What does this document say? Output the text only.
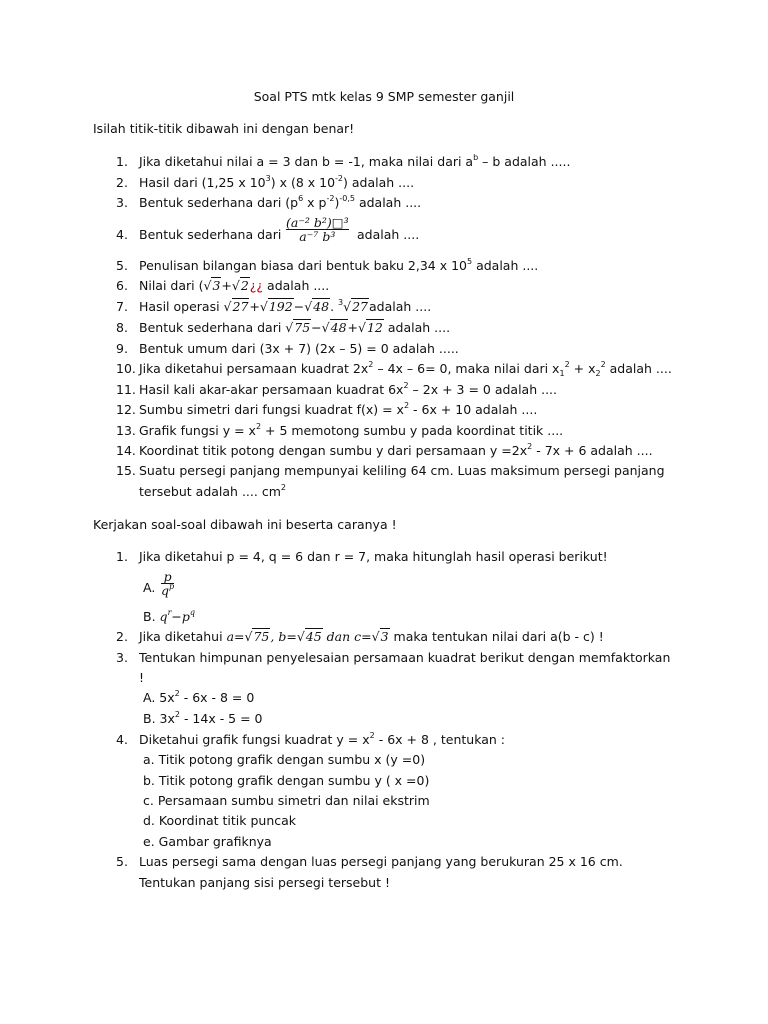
Soal PTS mtk kelas 9 SMP semester ganjil
Isilah titik-titik dibawah ini dengan benar!
1. Jika diketahui nilai a = 3 dan b = -1, maka nilai dari $a^b$ – b adalah .....
2. Hasil dari (1,25 x $10^3$) x (8 x $10^{-2}$) adalah ....
3. Bentuk sederhana dari ($p^6$ x $p^{-2})^{-0,5}$ adalah ....
4. Bentuk sederhana dari $\frac{\text{(a⁻² b²)□³}}{\text{a⁻⁷ b³}}$ adalah ....
5. Penulisan bilangan biasa dari bentuk baku 2,34 x $10^5$ adalah ....
6. Nilai dari (√3+√2¿¿ adalah ....
7. Hasil operasi √27+√192−√48. $^3$√27adalah ....
8. Bentuk sederhana dari √75−√48+√12 adalah ....
9. Bentuk umum dari (3x + 7) (2x – 5) = 0 adalah .....
10. Jika diketahui persamaan kuadrat $2x^2 - 4x - 6= 0$, maka nilai dari $x_1^2 + x_2^2$ adalah ....
11. Hasil kali akar-akar persamaan kuadrat $6x^2 - 2x + 3 = 0$ adalah ....
12. Sumbu simetri dari fungsi kuadrat $f(x) = x^2 - 6x + 10$ adalah ....
13. Grafik fungsi $y = x^2 + 5$ memotong sumbu y pada koordinat titik ....
14. Koordinat titik potong dengan sumbu y dari persamaan $y =2x^2 - 7x + 6$ adalah ....
15. Suatu persegi panjang mempunyai keliling 64 cm. Luas maksimum persegi panjang
tersebut adalah .... $cm^2$
Kerjakan soal-soal dibawah ini beserta caranya !
1. Jika diketahui p = 4, q = 6 dan r = 7, maka hitunglah hasil operasi berikut!
A. $\frac{p}{q^p}$
B. $q^r-p^q$
2. Jika diketahui a=√75, b=√45 dan c=√3 maka tentukan nilai dari a(b - c) !
3. Tentukan himpunan penyelesaian persamaan kuadrat berikut dengan memfaktorkan
!
A. $5x^2 - 6x - 8 = 0$
B. $3x^2 - 14x - 5 = 0$
4. Diketahui grafik fungsi kuadrat $y = x^2 - 6x + 8$ , tentukan :
a. Titik potong grafik dengan sumbu x (y =0)
b. Titik potong grafik dengan sumbu y ( x =0)
c. Persamaan sumbu simetri dan nilai ekstrim
d. Koordinat titik puncak
e. Gambar grafiknya
5. Luas persegi sama dengan luas persegi panjang yang berukuran 25 x 16 cm.
Tentukan panjang sisi persegi tersebut !
